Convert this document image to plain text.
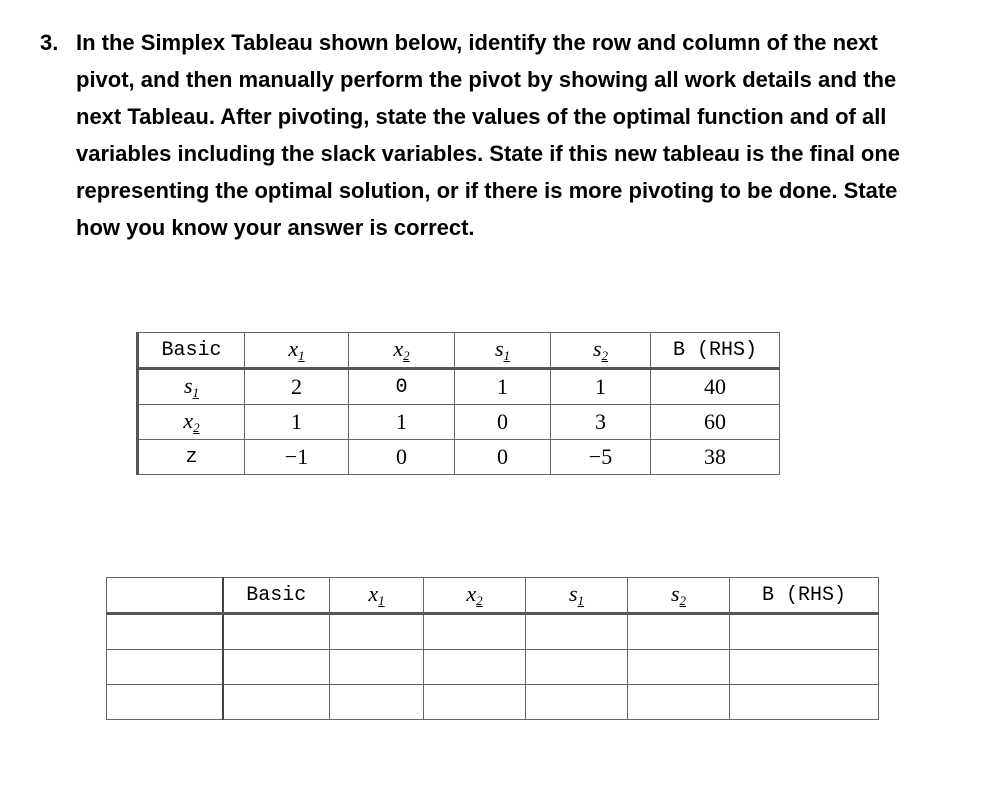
3. In the Simplex Tableau shown below, identify the row and column of the next pivot, and then manually perform the pivot by showing all work details and the next Tableau. After pivoting, state the values of the optimal function and of all variables including the slack variables. State if this new tableau is the final one representing the optimal solution, or if there is more pivoting to be done. State how you know your answer is correct.
Basic	$x_1$	$x_2$	$s_1$	$s_2$	B (RHS)
$s_1$	2	0	1	1	40
$x_2$	1	1	0	3	60
z	−1	0	0	−5	38
	Basic	$x_1$	$x_2$	$s_1$	$s_2$	B (RHS)
